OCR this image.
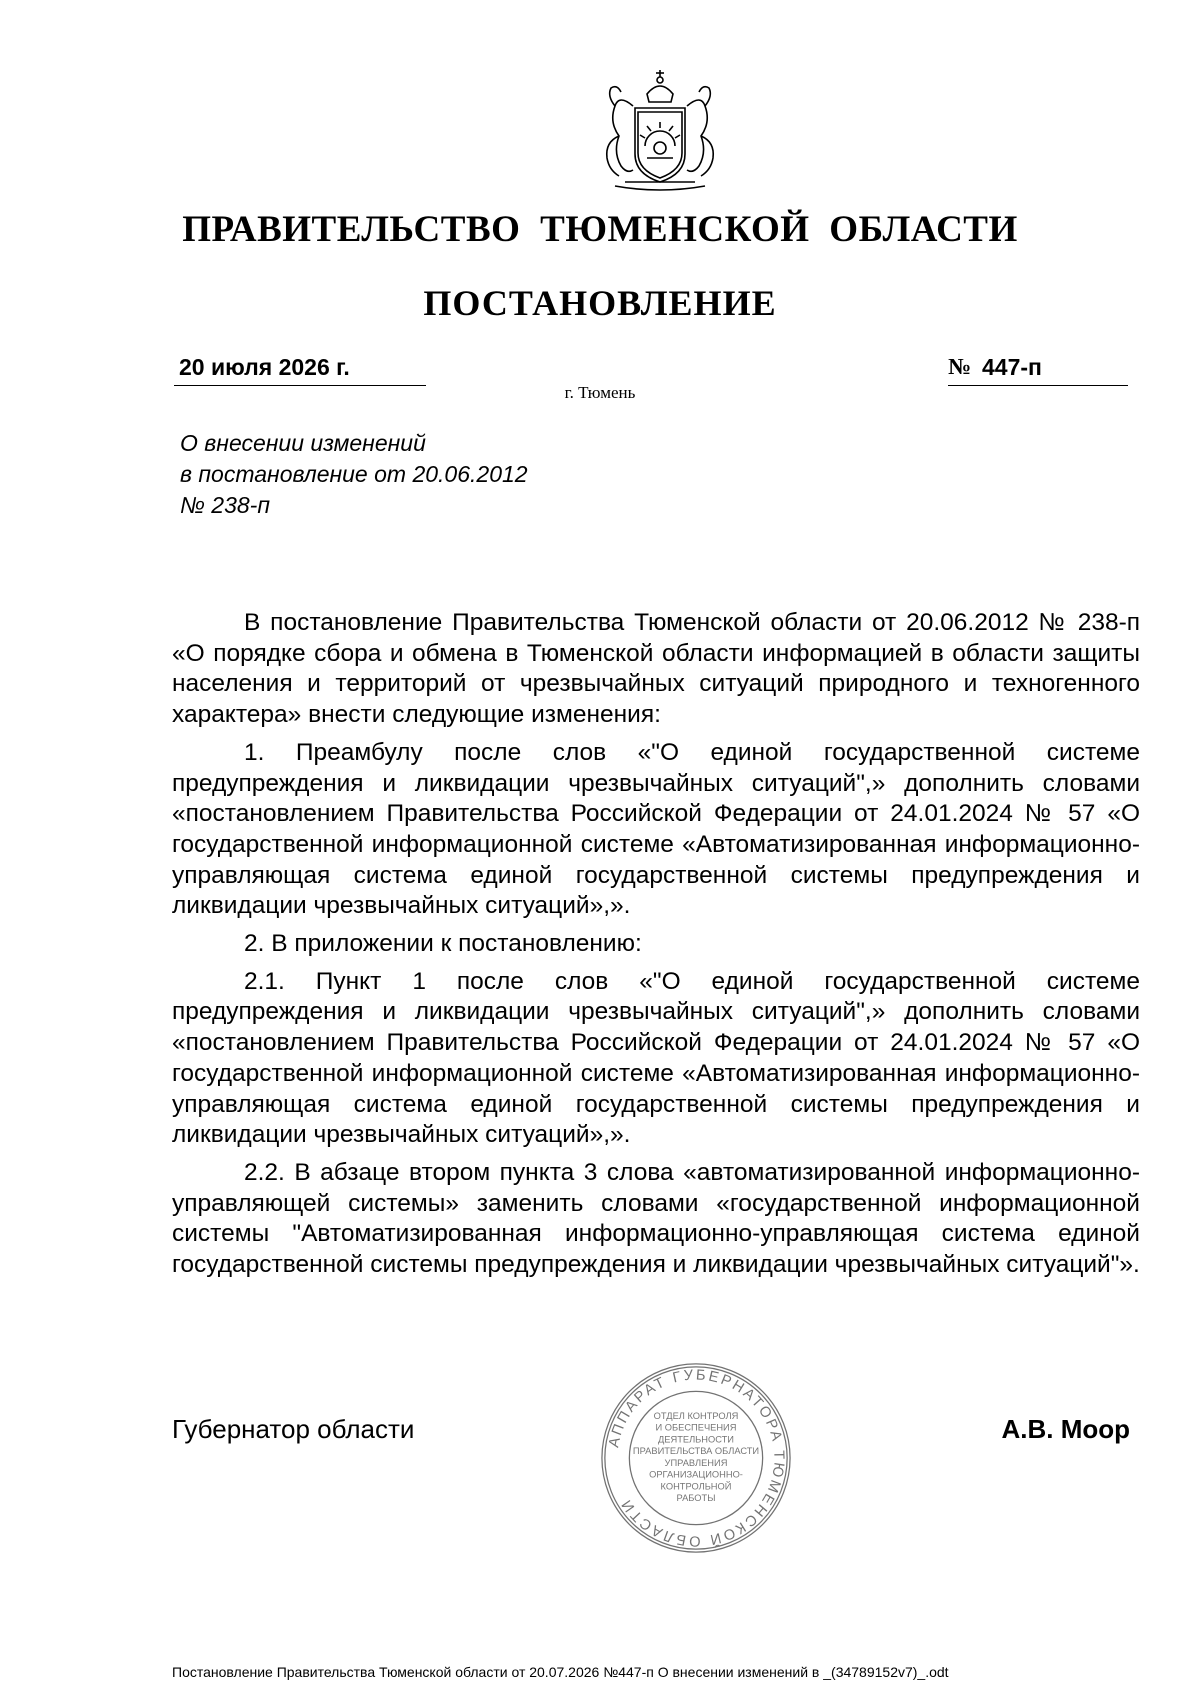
ПРАВИТЕЛЬСТВО ТЮМЕНСКОЙ ОБЛАСТИ
ПОСТАНОВЛЕНИЕ
20 июля 2026 г.	№ 447-п
г. Тюмень
О внесении изменений
в постановление от 20.06.2012
№ 238-п

В постановление Правительства Тюменской области от 20.06.2012 № 238-п «О порядке сбора и обмена в Тюменской области информацией в области защиты населения и территорий от чрезвычайных ситуаций природного и техногенного характера» внести следующие изменения:

1. Преамбулу после слов «"О единой государственной системе предупреждения и ликвидации чрезвычайных ситуаций",» дополнить словами «постановлением Правительства Российской Федерации от 24.01.2024 № 57 «О государственной информационной системе «Автоматизированная информационно-управляющая система единой государственной системы предупреждения и ликвидации чрезвычайных ситуаций»,».

2. В приложении к постановлению:

2.1. Пункт 1 после слов «"О единой государственной системе предупреждения и ликвидации чрезвычайных ситуаций",» дополнить словами «постановлением Правительства Российской Федерации от 24.01.2024 № 57 «О государственной информационной системе «Автоматизированная информационно-управляющая система единой государственной системы предупреждения и ликвидации чрезвычайных ситуаций»,».

2.2. В абзаце втором пункта 3 слова «автоматизированной информационно-управляющей системы» заменить словами «государственной информационной системы "Автоматизированная информационно-управляющая система единой государственной системы предупреждения и ликвидации чрезвычайных ситуаций"».

Губернатор области	АППАРАТ ГУБЕРНАТОРА ТЮМЕНСКОЙ ОБЛАСТИ
ОТДЕЛ КОНТРОЛЯ
И ОБЕСПЕЧЕНИЯ
ДЕЯТЕЛЬНОСТИ
ПРАВИТЕЛЬСТВА ОБЛАСТИ
УПРАВЛЕНИЯ
ОРГАНИЗАЦИОННО-
КОНТРОЛЬНОЙ
РАБОТЫ
А.В. Моор
Постановление Правительства Тюменской области от 20.07.2026 №447-п О внесении изменений в _(34789152v7)_.odt
